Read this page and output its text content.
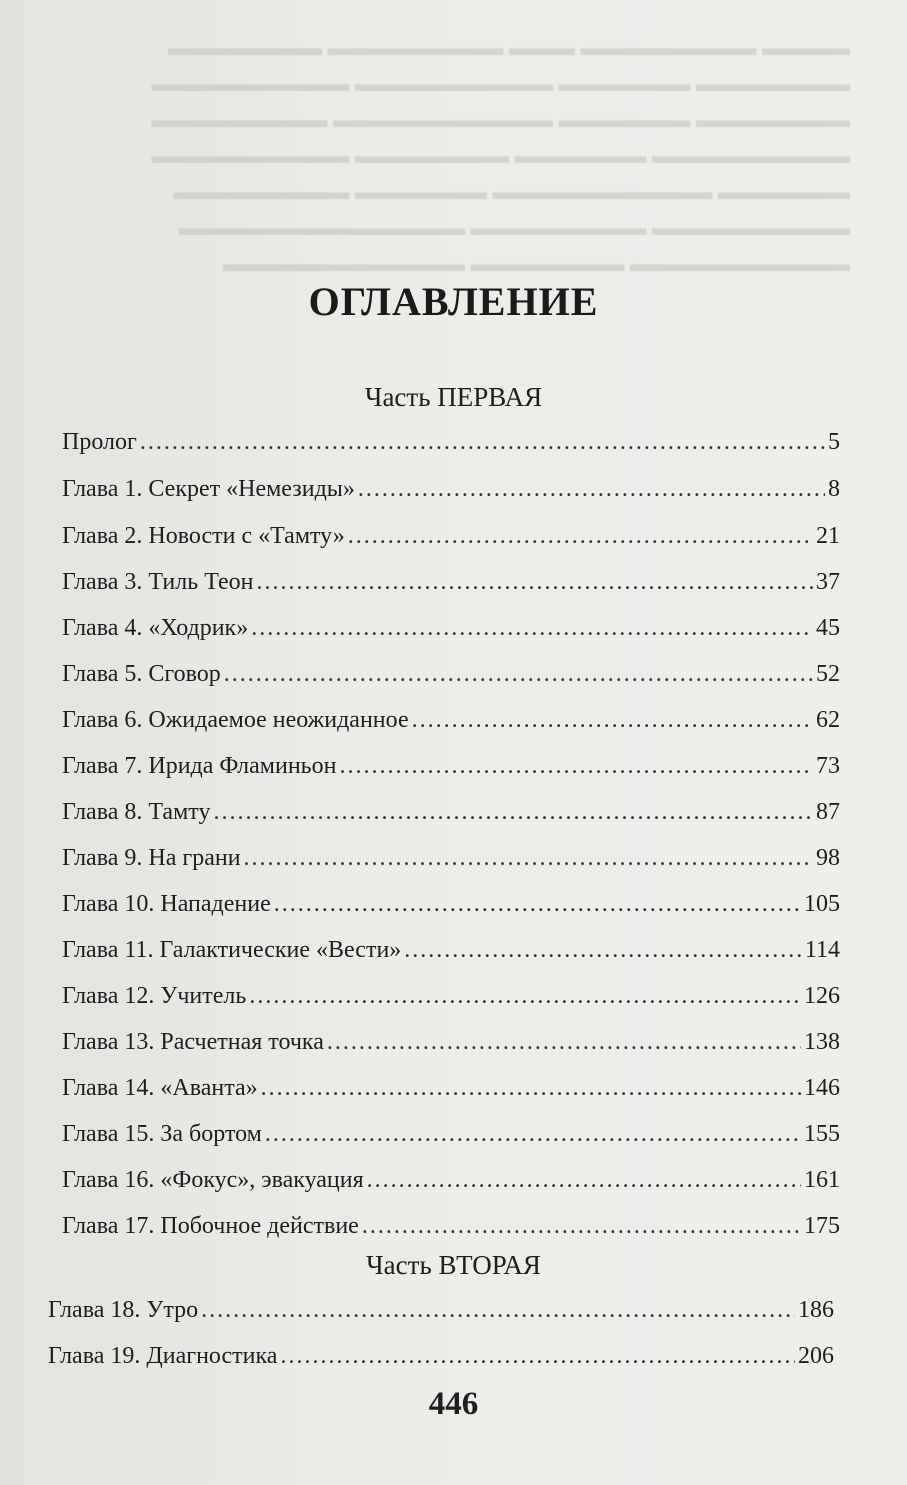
▬▬▬▬ ▬▬▬▬▬▬▬▬ ▬▬▬ ▬▬▬▬▬▬▬▬ ▬▬▬▬▬▬▬
▬▬▬▬▬▬▬ ▬▬▬▬▬▬ ▬▬▬▬▬▬▬▬▬ ▬▬▬▬▬▬▬▬▬
▬▬▬▬▬▬▬ ▬▬▬▬▬▬ ▬▬▬▬▬▬▬▬▬▬ ▬▬▬▬▬▬▬▬
▬▬▬▬▬▬▬▬▬ ▬▬▬▬▬▬ ▬▬▬▬▬▬▬ ▬▬▬▬▬▬▬▬▬
▬▬▬▬▬▬ ▬▬▬▬▬▬▬▬▬▬ ▬▬▬▬▬▬ ▬▬▬▬▬▬▬▬
▬▬▬▬▬▬▬▬▬ ▬▬▬▬▬▬▬▬ ▬▬▬▬▬▬▬▬▬▬▬▬▬
▬▬▬▬▬▬▬▬▬▬ ▬▬▬▬▬▬▬ ▬▬▬▬▬▬▬▬▬▬▬
ОГЛАВЛЕНИЕ
Часть ПЕРВАЯ
Пролог . . .	5
Глава 1. Секрет «Немезиды» . . .	8
Глава 2. Новости с «Тамту» . . .	21
Глава 3. Тиль Теон . . .	37
Глава 4. «Ходрик» . . .	45
Глава 5. Сговор . . .	52
Глава 6. Ожидаемое неожиданное . . .	62
Глава 7. Ирида Фламиньон . . .	73
Глава 8. Тамту . . .	87
Глава 9. На грани . . .	98
Глава 10. Нападение . . .	105
Глава 11. Галактические «Вести» . . .	114
Глава 12. Учитель . . .	126
Глава 13. Расчетная точка . . .	138
Глава 14. «Аванта» . . .	146
Глава 15. За бортом . . .	155
Глава 16. «Фокус», эвакуация . . .	161
Глава 17. Побочное действие . . .	175
Часть ВТОРАЯ
Глава 18. Утро . . .	186
Глава 19. Диагностика . . .	206
446
